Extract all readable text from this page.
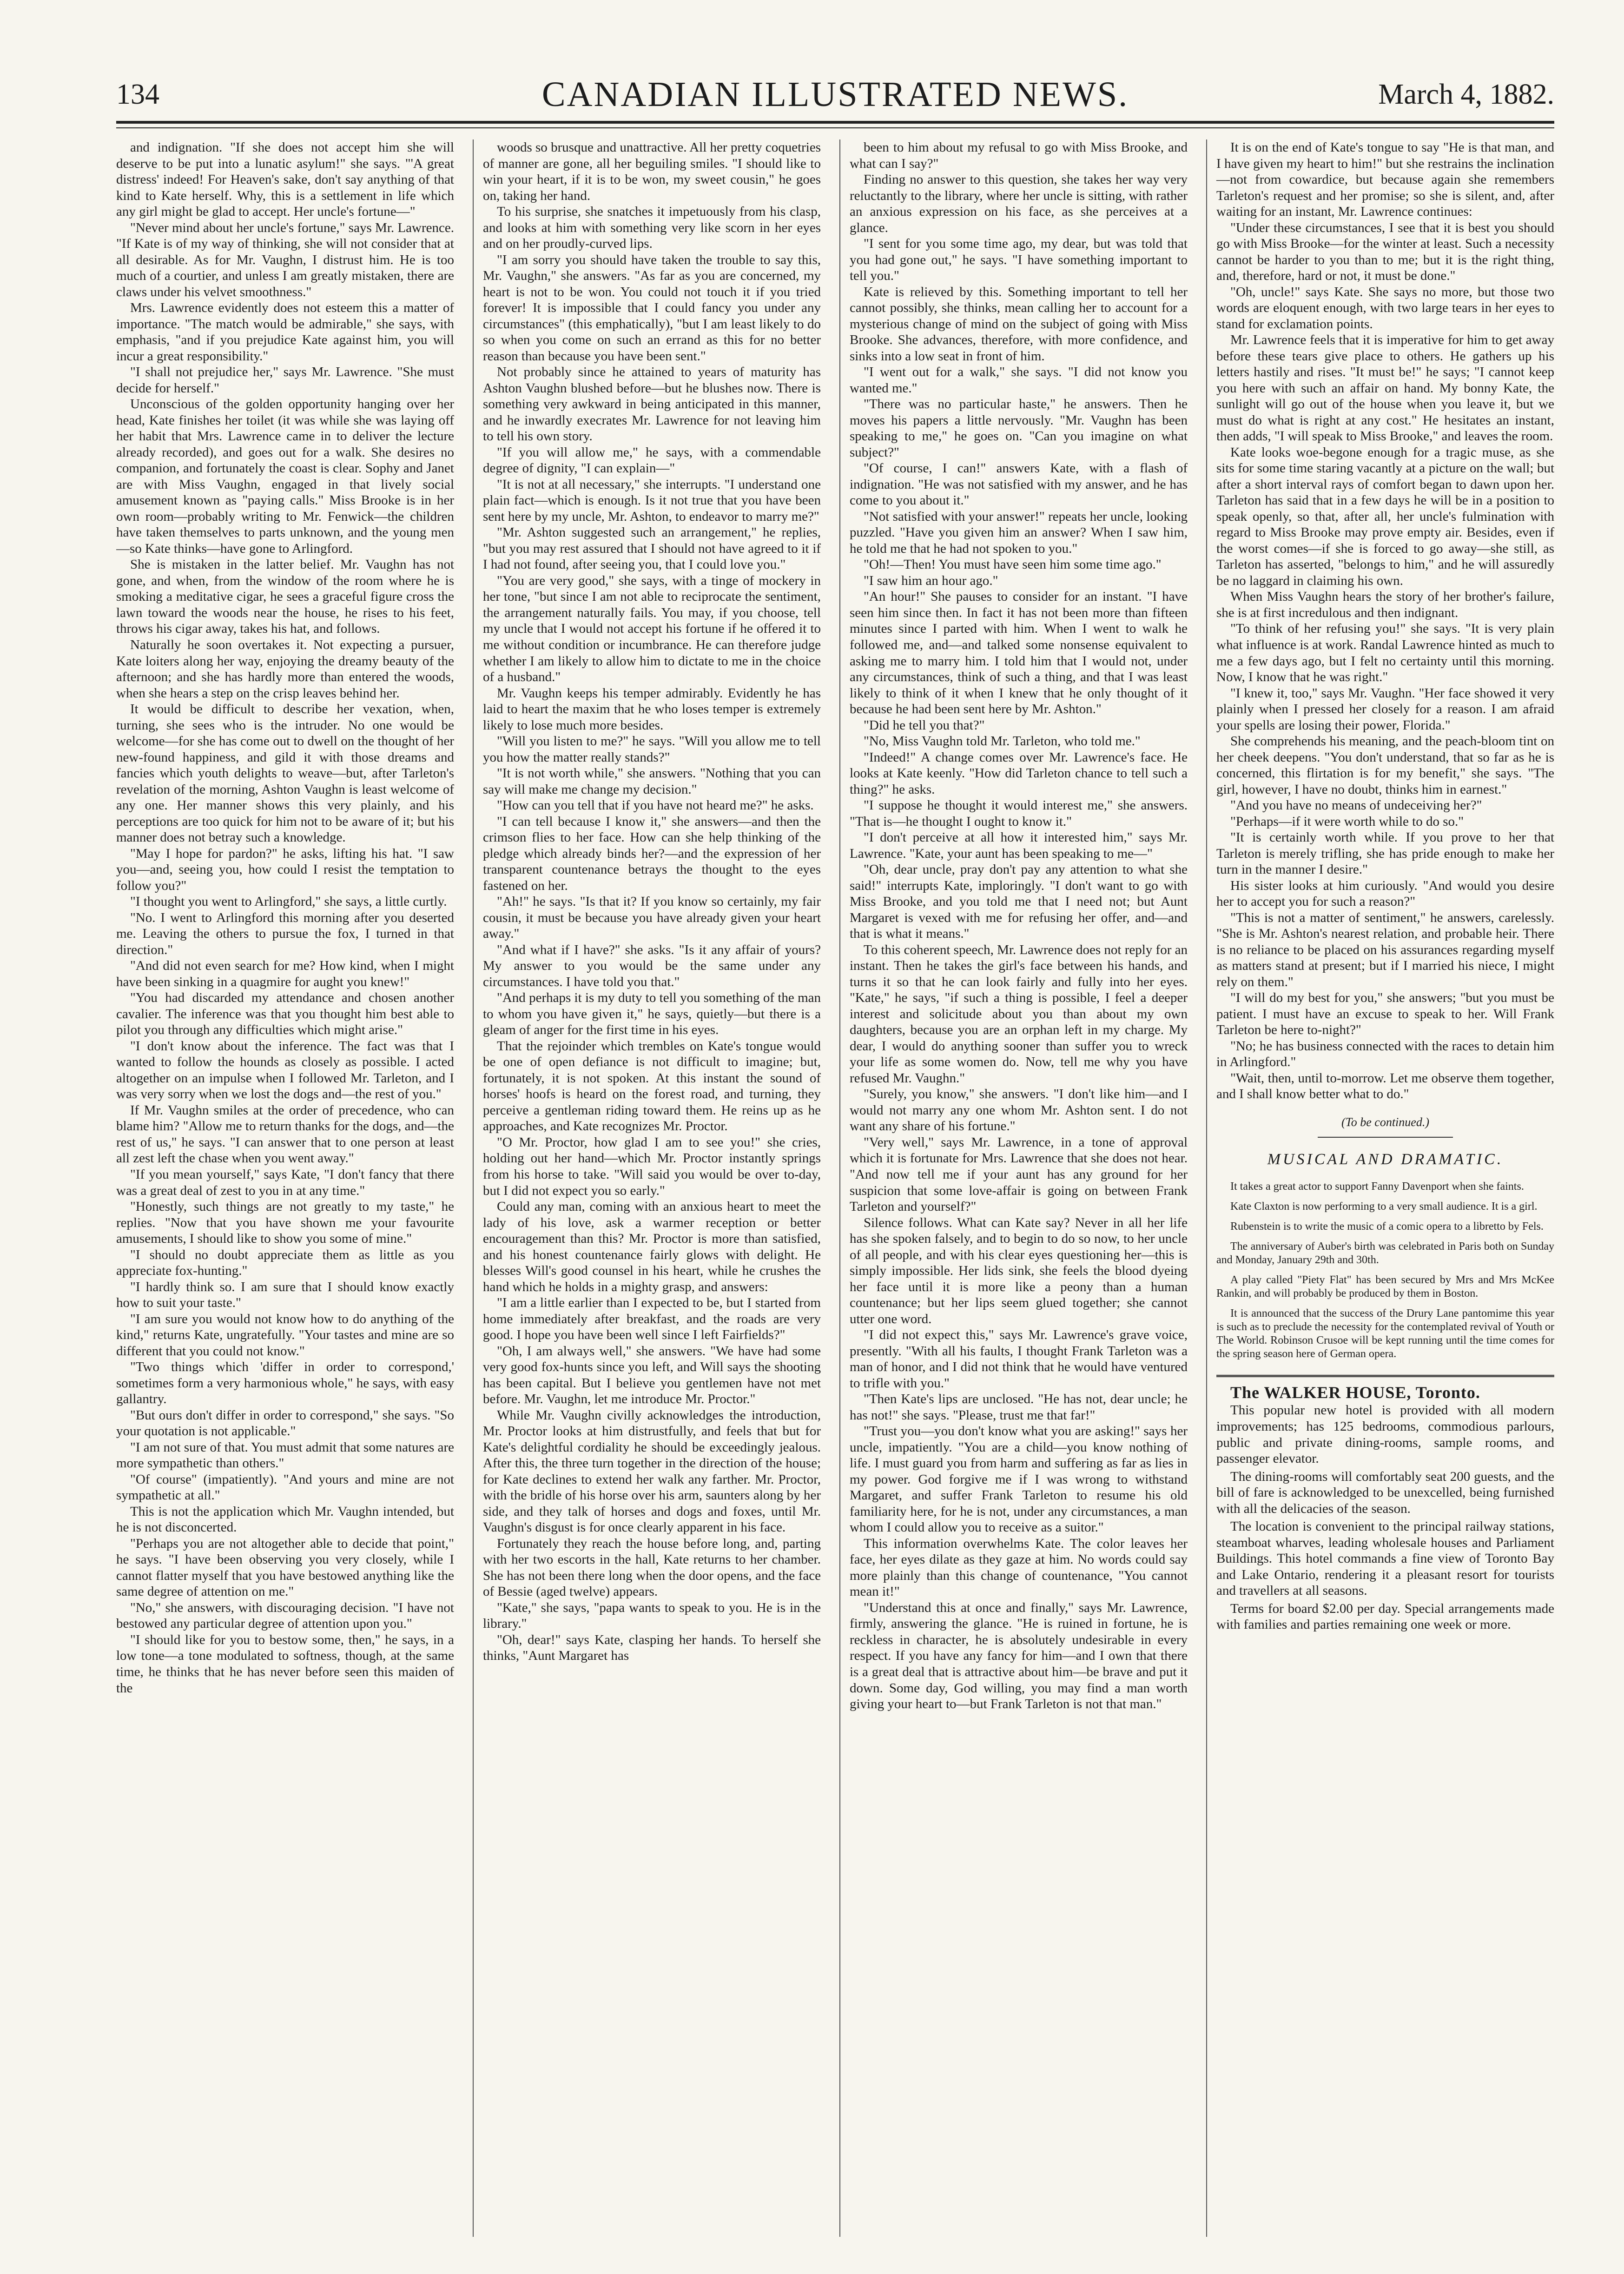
134	CANADIAN ILLUSTRATED NEWS.	March 4, 1882.

and indignation. "If she does not accept him she will deserve to be put into a lunatic asylum!" she says. "'A great distress' indeed! For Heaven's sake, don't say anything of that kind to Kate herself. Why, this is a settlement in life which any girl might be glad to accept. Her uncle's fortune—"

"Never mind about her uncle's fortune," says Mr. Lawrence. "If Kate is of my way of thinking, she will not consider that at all desirable. As for Mr. Vaughn, I distrust him. He is too much of a courtier, and unless I am greatly mistaken, there are claws under his velvet smoothness."

Mrs. Lawrence evidently does not esteem this a matter of importance. "The match would be admirable," she says, with emphasis, "and if you prejudice Kate against him, you will incur a great responsibility."

"I shall not prejudice her," says Mr. Lawrence. "She must decide for herself."

Unconscious of the golden opportunity hanging over her head, Kate finishes her toilet (it was while she was laying off her habit that Mrs. Lawrence came in to deliver the lecture already recorded), and goes out for a walk. She desires no companion, and fortunately the coast is clear. Sophy and Janet are with Miss Vaughn, engaged in that lively social amusement known as "paying calls." Miss Brooke is in her own room—probably writing to Mr. Fenwick—the children have taken themselves to parts unknown, and the young men—so Kate thinks—have gone to Arlingford.

She is mistaken in the latter belief. Mr. Vaughn has not gone, and when, from the window of the room where he is smoking a meditative cigar, he sees a graceful figure cross the lawn toward the woods near the house, he rises to his feet, throws his cigar away, takes his hat, and follows.

Naturally he soon overtakes it. Not expecting a pursuer, Kate loiters along her way, enjoying the dreamy beauty of the afternoon; and she has hardly more than entered the woods, when she hears a step on the crisp leaves behind her.

It would be difficult to describe her vexation, when, turning, she sees who is the intruder. No one would be welcome—for she has come out to dwell on the thought of her new-found happiness, and gild it with those dreams and fancies which youth delights to weave—but, after Tarleton's revelation of the morning, Ashton Vaughn is least welcome of any one. Her manner shows this very plainly, and his perceptions are too quick for him not to be aware of it; but his manner does not betray such a knowledge.

"May I hope for pardon?" he asks, lifting his hat. "I saw you—and, seeing you, how could I resist the temptation to follow you?"

"I thought you went to Arlingford," she says, a little curtly.

"No. I went to Arlingford this morning after you deserted me. Leaving the others to pursue the fox, I turned in that direction."

"And did not even search for me? How kind, when I might have been sinking in a quagmire for aught you knew!"

"You had discarded my attendance and chosen another cavalier. The inference was that you thought him best able to pilot you through any difficulties which might arise."

"I don't know about the inference. The fact was that I wanted to follow the hounds as closely as possible. I acted altogether on an impulse when I followed Mr. Tarleton, and I was very sorry when we lost the dogs and—the rest of you."

If Mr. Vaughn smiles at the order of precedence, who can blame him? "Allow me to return thanks for the dogs, and—the rest of us," he says. "I can answer that to one person at least all zest left the chase when you went away."

"If you mean yourself," says Kate, "I don't fancy that there was a great deal of zest to you in at any time."

"Honestly, such things are not greatly to my taste," he replies. "Now that you have shown me your favourite amusements, I should like to show you some of mine."

"I should no doubt appreciate them as little as you appreciate fox-hunting."

"I hardly think so. I am sure that I should know exactly how to suit your taste."

"I am sure you would not know how to do anything of the kind," returns Kate, ungratefully. "Your tastes and mine are so different that you could not know."

"Two things which 'differ in order to correspond,' sometimes form a very harmonious whole," he says, with easy gallantry.

"But ours don't differ in order to correspond," she says. "So your quotation is not applicable."

"I am not sure of that. You must admit that some natures are more sympathetic than others."

"Of course" (impatiently). "And yours and mine are not sympathetic at all."

This is not the application which Mr. Vaughn intended, but he is not disconcerted.

"Perhaps you are not altogether able to decide that point," he says. "I have been observing you very closely, while I cannot flatter myself that you have bestowed anything like the same degree of attention on me."

"No," she answers, with discouraging decision. "I have not bestowed any particular degree of attention upon you."

"I should like for you to bestow some, then," he says, in a low tone—a tone modulated to softness, though, at the same time, he thinks that he has never before seen this maiden of the

woods so brusque and unattractive. All her pretty coquetries of manner are gone, all her beguiling smiles. "I should like to win your heart, if it is to be won, my sweet cousin," he goes on, taking her hand.

To his surprise, she snatches it impetuously from his clasp, and looks at him with something very like scorn in her eyes and on her proudly-curved lips.

"I am sorry you should have taken the trouble to say this, Mr. Vaughn," she answers. "As far as you are concerned, my heart is not to be won. You could not touch it if you tried forever! It is impossible that I could fancy you under any circumstances" (this emphatically), "but I am least likely to do so when you come on such an errand as this for no better reason than because you have been sent."

Not probably since he attained to years of maturity has Ashton Vaughn blushed before—but he blushes now. There is something very awkward in being anticipated in this manner, and he inwardly execrates Mr. Lawrence for not leaving him to tell his own story.

"If you will allow me," he says, with a commendable degree of dignity, "I can explain—"

"It is not at all necessary," she interrupts. "I understand one plain fact—which is enough. Is it not true that you have been sent here by my uncle, Mr. Ashton, to endeavor to marry me?"

"Mr. Ashton suggested such an arrangement," he replies, "but you may rest assured that I should not have agreed to it if I had not found, after seeing you, that I could love you."

"You are very good," she says, with a tinge of mockery in her tone, "but since I am not able to reciprocate the sentiment, the arrangement naturally fails. You may, if you choose, tell my uncle that I would not accept his fortune if he offered it to me without condition or incumbrance. He can therefore judge whether I am likely to allow him to dictate to me in the choice of a husband."

Mr. Vaughn keeps his temper admirably. Evidently he has laid to heart the maxim that he who loses temper is extremely likely to lose much more besides.

"Will you listen to me?" he says. "Will you allow me to tell you how the matter really stands?"

"It is not worth while," she answers. "Nothing that you can say will make me change my decision."

"How can you tell that if you have not heard me?" he asks.

"I can tell because I know it," she answers—and then the crimson flies to her face. How can she help thinking of the pledge which already binds her?—and the expression of her transparent countenance betrays the thought to the eyes fastened on her.

"Ah!" he says. "Is that it? If you know so certainly, my fair cousin, it must be because you have already given your heart away."

"And what if I have?" she asks. "Is it any affair of yours? My answer to you would be the same under any circumstances. I have told you that."

"And perhaps it is my duty to tell you something of the man to whom you have given it," he says, quietly—but there is a gleam of anger for the first time in his eyes.

That the rejoinder which trembles on Kate's tongue would be one of open defiance is not difficult to imagine; but, fortunately, it is not spoken. At this instant the sound of horses' hoofs is heard on the forest road, and turning, they perceive a gentleman riding toward them. He reins up as he approaches, and Kate recognizes Mr. Proctor.

"O Mr. Proctor, how glad I am to see you!" she cries, holding out her hand—which Mr. Proctor instantly springs from his horse to take. "Will said you would be over to-day, but I did not expect you so early."

Could any man, coming with an anxious heart to meet the lady of his love, ask a warmer reception or better encouragement than this? Mr. Proctor is more than satisfied, and his honest countenance fairly glows with delight. He blesses Will's good counsel in his heart, while he crushes the hand which he holds in a mighty grasp, and answers:

"I am a little earlier than I expected to be, but I started from home immediately after breakfast, and the roads are very good. I hope you have been well since I left Fairfields?"

"Oh, I am always well," she answers. "We have had some very good fox-hunts since you left, and Will says the shooting has been capital. But I believe you gentlemen have not met before. Mr. Vaughn, let me introduce Mr. Proctor."

While Mr. Vaughn civilly acknowledges the introduction, Mr. Proctor looks at him distrustfully, and feels that but for Kate's delightful cordiality he should be exceedingly jealous. After this, the three turn together in the direction of the house; for Kate declines to extend her walk any farther. Mr. Proctor, with the bridle of his horse over his arm, saunters along by her side, and they talk of horses and dogs and foxes, until Mr. Vaughn's disgust is for once clearly apparent in his face.

Fortunately they reach the house before long, and, parting with her two escorts in the hall, Kate returns to her chamber. She has not been there long when the door opens, and the face of Bessie (aged twelve) appears.

"Kate," she says, "papa wants to speak to you. He is in the library."

"Oh, dear!" says Kate, clasping her hands. To herself she thinks, "Aunt Margaret has

been to him about my refusal to go with Miss Brooke, and what can I say?"

Finding no answer to this question, she takes her way very reluctantly to the library, where her uncle is sitting, with rather an anxious expression on his face, as she perceives at a glance.

"I sent for you some time ago, my dear, but was told that you had gone out," he says. "I have something important to tell you."

Kate is relieved by this. Something important to tell her cannot possibly, she thinks, mean calling her to account for a mysterious change of mind on the subject of going with Miss Brooke. She advances, therefore, with more confidence, and sinks into a low seat in front of him.

"I went out for a walk," she says. "I did not know you wanted me."

"There was no particular haste," he answers. Then he moves his papers a little nervously. "Mr. Vaughn has been speaking to me," he goes on. "Can you imagine on what subject?"

"Of course, I can!" answers Kate, with a flash of indignation. "He was not satisfied with my answer, and he has come to you about it."

"Not satisfied with your answer!" repeats her uncle, looking puzzled. "Have you given him an answer? When I saw him, he told me that he had not spoken to you."

"Oh!—Then! You must have seen him some time ago."

"I saw him an hour ago."

"An hour!" She pauses to consider for an instant. "I have seen him since then. In fact it has not been more than fifteen minutes since I parted with him. When I went to walk he followed me, and—and talked some nonsense equivalent to asking me to marry him. I told him that I would not, under any circumstances, think of such a thing, and that I was least likely to think of it when I knew that he only thought of it because he had been sent here by Mr. Ashton."

"Did he tell you that?"

"No, Miss Vaughn told Mr. Tarleton, who told me."

"Indeed!" A change comes over Mr. Lawrence's face. He looks at Kate keenly. "How did Tarleton chance to tell such a thing?" he asks.

"I suppose he thought it would interest me," she answers. "That is—he thought I ought to know it."

"I don't perceive at all how it interested him," says Mr. Lawrence. "Kate, your aunt has been speaking to me—"

"Oh, dear uncle, pray don't pay any attention to what she said!" interrupts Kate, imploringly. "I don't want to go with Miss Brooke, and you told me that I need not; but Aunt Margaret is vexed with me for refusing her offer, and—and that is what it means."

To this coherent speech, Mr. Lawrence does not reply for an instant. Then he takes the girl's face between his hands, and turns it so that he can look fairly and fully into her eyes. "Kate," he says, "if such a thing is possible, I feel a deeper interest and solicitude about you than about my own daughters, because you are an orphan left in my charge. My dear, I would do anything sooner than suffer you to wreck your life as some women do. Now, tell me why you have refused Mr. Vaughn."

"Surely, you know," she answers. "I don't like him—and I would not marry any one whom Mr. Ashton sent. I do not want any share of his fortune."

"Very well," says Mr. Lawrence, in a tone of approval which it is fortunate for Mrs. Lawrence that she does not hear. "And now tell me if your aunt has any ground for her suspicion that some love-affair is going on between Frank Tarleton and yourself?"

Silence follows. What can Kate say? Never in all her life has she spoken falsely, and to begin to do so now, to her uncle of all people, and with his clear eyes questioning her—this is simply impossible. Her lids sink, she feels the blood dyeing her face until it is more like a peony than a human countenance; but her lips seem glued together; she cannot utter one word.

"I did not expect this," says Mr. Lawrence's grave voice, presently. "With all his faults, I thought Frank Tarleton was a man of honor, and I did not think that he would have ventured to trifle with you."

"Then Kate's lips are unclosed. "He has not, dear uncle; he has not!" she says. "Please, trust me that far!"

"Trust you—you don't know what you are asking!" says her uncle, impatiently. "You are a child—you know nothing of life. I must guard you from harm and suffering as far as lies in my power. God forgive me if I was wrong to withstand Margaret, and suffer Frank Tarleton to resume his old familiarity here, for he is not, under any circumstances, a man whom I could allow you to receive as a suitor."

This information overwhelms Kate. The color leaves her face, her eyes dilate as they gaze at him. No words could say more plainly than this change of countenance, "You cannot mean it!"

"Understand this at once and finally," says Mr. Lawrence, firmly, answering the glance. "He is ruined in fortune, he is reckless in character, he is absolutely undesirable in every respect. If you have any fancy for him—and I own that there is a great deal that is attractive about him—be brave and put it down. Some day, God willing, you may find a man worth giving your heart to—but Frank Tarleton is not that man."

It is on the end of Kate's tongue to say "He is that man, and I have given my heart to him!" but she restrains the inclination—not from cowardice, but because again she remembers Tarleton's request and her promise; so she is silent, and, after waiting for an instant, Mr. Lawrence continues:

"Under these circumstances, I see that it is best you should go with Miss Brooke—for the winter at least. Such a necessity cannot be harder to you than to me; but it is the right thing, and, therefore, hard or not, it must be done."

"Oh, uncle!" says Kate. She says no more, but those two words are eloquent enough, with two large tears in her eyes to stand for exclamation points.

Mr. Lawrence feels that it is imperative for him to get away before these tears give place to others. He gathers up his letters hastily and rises. "It must be!" he says; "I cannot keep you here with such an affair on hand. My bonny Kate, the sunlight will go out of the house when you leave it, but we must do what is right at any cost." He hesitates an instant, then adds, "I will speak to Miss Brooke," and leaves the room.

Kate looks woe-begone enough for a tragic muse, as she sits for some time staring vacantly at a picture on the wall; but after a short interval rays of comfort began to dawn upon her. Tarleton has said that in a few days he will be in a position to speak openly, so that, after all, her uncle's fulmination with regard to Miss Brooke may prove empty air. Besides, even if the worst comes—if she is forced to go away—she still, as Tarleton has asserted, "belongs to him," and he will assuredly be no laggard in claiming his own.

When Miss Vaughn hears the story of her brother's failure, she is at first incredulous and then indignant.

"To think of her refusing you!" she says. "It is very plain what influence is at work. Randal Lawrence hinted as much to me a few days ago, but I felt no certainty until this morning. Now, I know that he was right."

"I knew it, too," says Mr. Vaughn. "Her face showed it very plainly when I pressed her closely for a reason. I am afraid your spells are losing their power, Florida."

She comprehends his meaning, and the peach-bloom tint on her cheek deepens. "You don't understand, that so far as he is concerned, this flirtation is for my benefit," she says. "The girl, however, I have no doubt, thinks him in earnest."

"And you have no means of undeceiving her?"

"Perhaps—if it were worth while to do so."

"It is certainly worth while. If you prove to her that Tarleton is merely trifling, she has pride enough to make her turn in the manner I desire."

His sister looks at him curiously. "And would you desire her to accept you for such a reason?"

"This is not a matter of sentiment," he answers, carelessly. "She is Mr. Ashton's nearest relation, and probable heir. There is no reliance to be placed on his assurances regarding myself as matters stand at present; but if I married his niece, I might rely on them."

"I will do my best for you," she answers; "but you must be patient. I must have an excuse to speak to her. Will Frank Tarleton be here to-night?"

"No; he has business connected with the races to detain him in Arlingford."

"Wait, then, until to-morrow. Let me observe them together, and I shall know better what to do."

(To be continued.)
MUSICAL AND DRAMATIC.

It takes a great actor to support Fanny Davenport when she faints.

Kate Claxton is now performing to a very small audience. It is a girl.

Rubenstein is to write the music of a comic opera to a libretto by Fels.

The anniversary of Auber's birth was celebrated in Paris both on Sunday and Monday, January 29th and 30th.

A play called "Piety Flat" has been secured by Mrs and Mrs McKee Rankin, and will probably be produced by them in Boston.

It is announced that the success of the Drury Lane pantomime this year is such as to preclude the necessity for the contemplated revival of Youth or The World. Robinson Crusoe will be kept running until the time comes for the spring season here of German opera.

The WALKER HOUSE, Toronto.

This popular new hotel is provided with all modern improvements; has 125 bedrooms, commodious parlours, public and private dining-rooms, sample rooms, and passenger elevator.

The dining-rooms will comfortably seat 200 guests, and the bill of fare is acknowledged to be unexcelled, being furnished with all the delicacies of the season.

The location is convenient to the principal railway stations, steamboat wharves, leading wholesale houses and Parliament Buildings. This hotel commands a fine view of Toronto Bay and Lake Ontario, rendering it a pleasant resort for tourists and travellers at all seasons.

Terms for board $2.00 per day. Special arrangements made with families and parties remaining one week or more.
